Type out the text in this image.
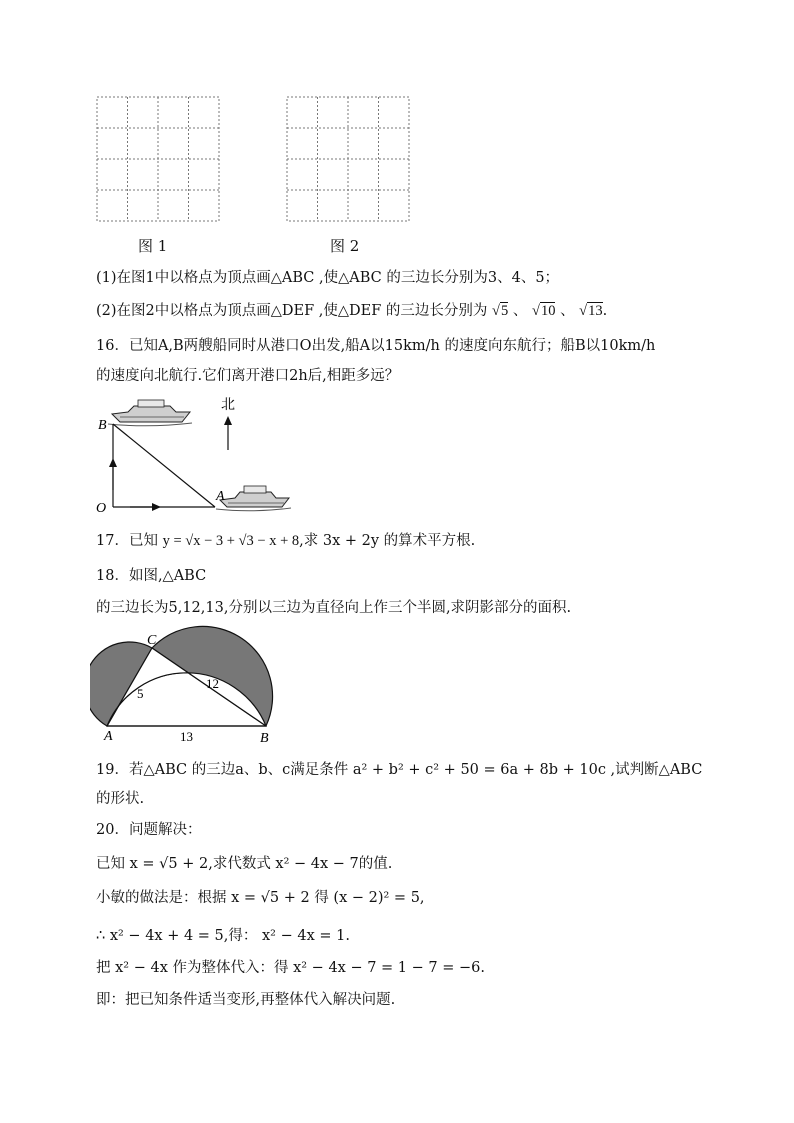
图 1	图 2
(1)在图1中以格点为顶点画△ABC ,使△ABC 的三边长分别为3、4、5；
(2)在图2中以格点为顶点画△DEF ,使△DEF 的三边长分别为 √5 、 √10 、 √13.
16．已知A,B两艘船同时从港口O出发,船A以15km/h 的速度向东航行；船B以10km/h
的速度向北航行.它们离开港口2h后,相距多远？
北
B
O
A
17．已知 y = √x − 3 + √3 − x + 8,求 3x + 2y 的算术平方根.
18．如图,△ABC
的三边长为5,12,13,分别以三边为直径向上作三个半圆,求阴影部分的面积.
C
A	B
5
12
13
19．若△ABC 的三边a、b、c满足条件 a² + b² + c² + 50 = 6a + 8b + 10c ,试判断△ABC
的形状.
20．问题解决：
已知 x = √5 + 2,求代数式 x² − 4x − 7的值.
小敏的做法是：根据 x = √5 + 2 得 (x − 2)² = 5,
∴ x² − 4x + 4 = 5,得： x² − 4x = 1.
把 x² − 4x 作为整体代入：得 x² − 4x − 7 = 1 − 7 = −6.
即：把已知条件适当变形,再整体代入解决问题.
